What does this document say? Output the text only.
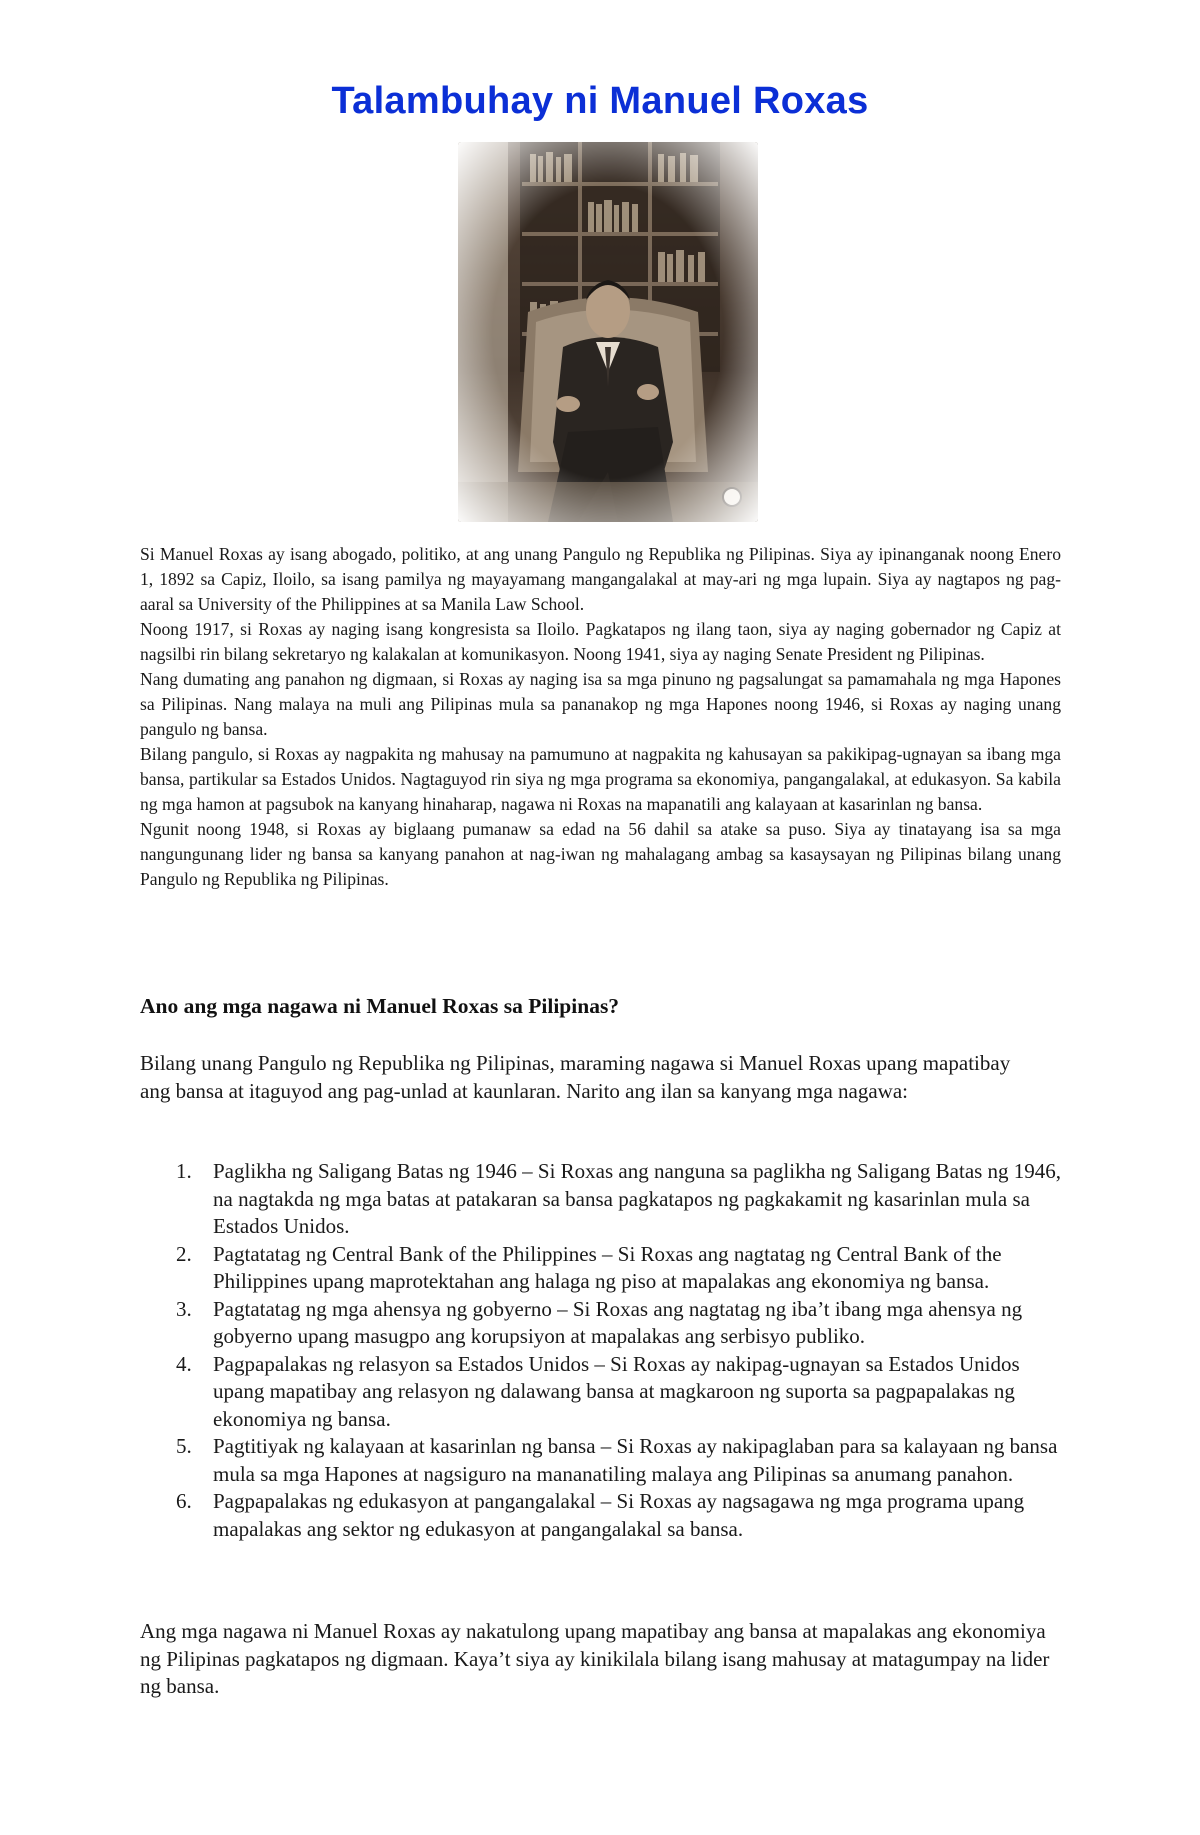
Talambuhay ni Manuel Roxas

Si Manuel Roxas ay isang abogado, politiko, at ang unang Pangulo ng Republika ng Pilipinas. Siya ay ipinanganak noong Enero 1, 1892 sa Capiz, Iloilo, sa isang pamilya ng mayayamang mangangalakal at may-ari ng mga lupain. Siya ay nagtapos ng pag-aaral sa University of the Philippines at sa Manila Law School.

Noong 1917, si Roxas ay naging isang kongresista sa Iloilo. Pagkatapos ng ilang taon, siya ay naging gobernador ng Capiz at nagsilbi rin bilang sekretaryo ng kalakalan at komunikasyon. Noong 1941, siya ay naging Senate President ng Pilipinas.

Nang dumating ang panahon ng digmaan, si Roxas ay naging isa sa mga pinuno ng pagsalungat sa pamamahala ng mga Hapones sa Pilipinas. Nang malaya na muli ang Pilipinas mula sa pananakop ng mga Hapones noong 1946, si Roxas ay naging unang pangulo ng bansa.

Bilang pangulo, si Roxas ay nagpakita ng mahusay na pamumuno at nagpakita ng kahusayan sa pakikipag-ugnayan sa ibang mga bansa, partikular sa Estados Unidos. Nagtaguyod rin siya ng mga programa sa ekonomiya, pangangalakal, at edukasyon. Sa kabila ng mga hamon at pagsubok na kanyang hinaharap, nagawa ni Roxas na mapanatili ang kalayaan at kasarinlan ng bansa.

Ngunit noong 1948, si Roxas ay biglaang pumanaw sa edad na 56 dahil sa atake sa puso. Siya ay tinatayang isa sa mga nangungunang lider ng bansa sa kanyang panahon at nag-iwan ng mahalagang ambag sa kasaysayan ng Pilipinas bilang unang Pangulo ng Republika ng Pilipinas.

Ano ang mga nagawa ni Manuel Roxas sa Pilipinas?

Bilang unang Pangulo ng Republika ng Pilipinas, maraming nagawa si Manuel Roxas upang mapatibay ang bansa at itaguyod ang pag-unlad at kaunlaran. Narito ang ilan sa kanyang mga nagawa:

1. Paglikha ng Saligang Batas ng 1946 – Si Roxas ang nanguna sa paglikha ng Saligang Batas ng 1946, na nagtakda ng mga batas at patakaran sa bansa pagkatapos ng pagkakamit ng kasarinlan mula sa Estados Unidos.
2. Pagtatatag ng Central Bank of the Philippines – Si Roxas ang nagtatag ng Central Bank of the Philippines upang maprotektahan ang halaga ng piso at mapalakas ang ekonomiya ng bansa.
3. Pagtatatag ng mga ahensya ng gobyerno – Si Roxas ang nagtatag ng iba’t ibang mga ahensya ng gobyerno upang masugpo ang korupsiyon at mapalakas ang serbisyo publiko.
4. Pagpapalakas ng relasyon sa Estados Unidos – Si Roxas ay nakipag-ugnayan sa Estados Unidos upang mapatibay ang relasyon ng dalawang bansa at magkaroon ng suporta sa pagpapalakas ng ekonomiya ng bansa.
5. Pagtitiyak ng kalayaan at kasarinlan ng bansa – Si Roxas ay nakipaglaban para sa kalayaan ng bansa mula sa mga Hapones at nagsiguro na mananatiling malaya ang Pilipinas sa anumang panahon.
6. Pagpapalakas ng edukasyon at pangangalakal – Si Roxas ay nagsagawa ng mga programa upang mapalakas ang sektor ng edukasyon at pangangalakal sa bansa.

Ang mga nagawa ni Manuel Roxas ay nakatulong upang mapatibay ang bansa at mapalakas ang ekonomiya ng Pilipinas pagkatapos ng digmaan. Kaya’t siya ay kinikilala bilang isang mahusay at matagumpay na lider ng bansa.
